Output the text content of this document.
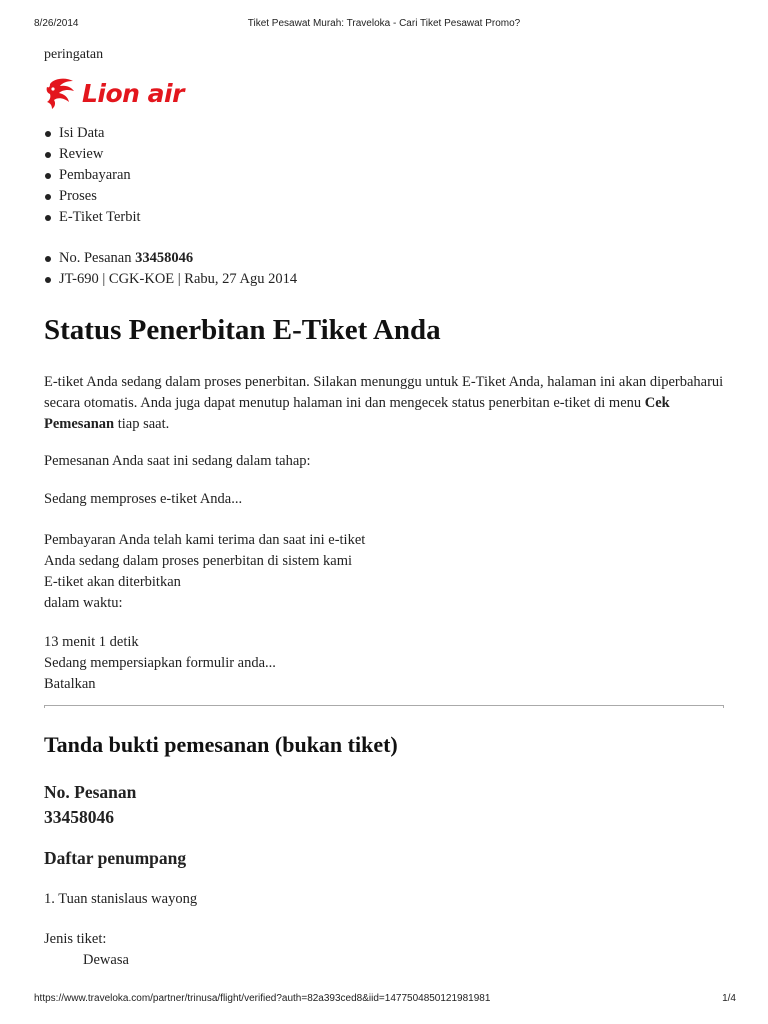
8/26/2014	Tiket Pesawat Murah: Traveloka - Cari Tiket Pesawat Promo?
peringatan
Lion air
Isi Data
Review
Pembayaran
Proses
E-Tiket Terbit
No. Pesanan 33458046
JT-690 | CGK-KOE | Rabu, 27 Agu 2014
Status Penerbitan E-Tiket Anda
E-tiket Anda sedang dalam proses penerbitan. Silakan menunggu untuk E-Tiket Anda, halaman ini akan diperbaharui secara otomatis. Anda juga dapat menutup halaman ini dan mengecek status penerbitan e-tiket di menu Cek Pemesanan tiap saat.
Pemesanan Anda saat ini sedang dalam tahap:
Sedang memproses e-tiket Anda...
Pembayaran Anda telah kami terima dan saat ini e-tiket
Anda sedang dalam proses penerbitan di sistem kami
E-tiket akan diterbitkan
dalam waktu:
13 menit 1 detik
Sedang mempersiapkan formulir anda...
Batalkan
Tanda bukti pemesanan (bukan tiket)
No. Pesanan
33458046
Daftar penumpang
1. Tuan stanislaus wayong
Jenis tiket:
Dewasa
https://www.traveloka.com/partner/trinusa/flight/verified?auth=82a393ced8&iid=1477504850121981981	1/4
